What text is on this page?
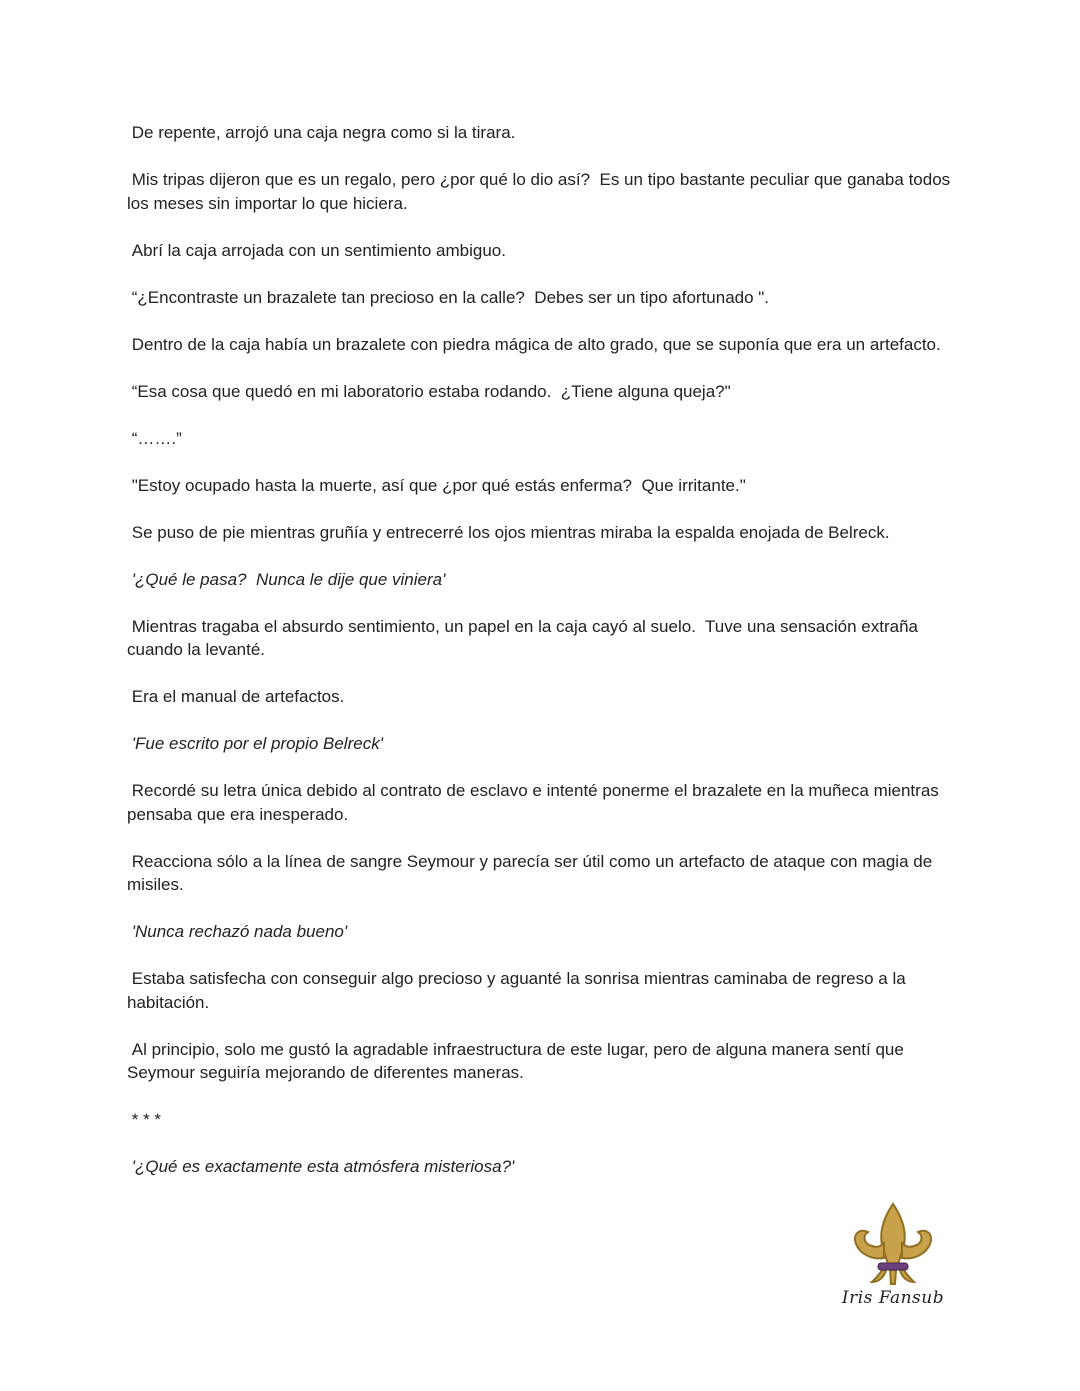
De repente, arrojó una caja negra como si la tirara.

Mis tripas dijeron que es un regalo, pero ¿por qué lo dio así?  Es un tipo bastante peculiar que ganaba todos los meses sin importar lo que hiciera.

Abrí la caja arrojada con un sentimiento ambiguo.

“¿Encontraste un brazalete tan precioso en la calle?  Debes ser un tipo afortunado ".

Dentro de la caja había un brazalete con piedra mágica de alto grado, que se suponía que era un artefacto.

“Esa cosa que quedó en mi laboratorio estaba rodando.  ¿Tiene alguna queja?"

“…….”

"Estoy ocupado hasta la muerte, así que ¿por qué estás enferma?  Que irritante."

Se puso de pie mientras gruñía y entrecerré los ojos mientras miraba la espalda enojada de Belreck.

'¿Qué le pasa?  Nunca le dije que viniera'

Mientras tragaba el absurdo sentimiento, un papel en la caja cayó al suelo.  Tuve una sensación extraña cuando la levanté.

Era el manual de artefactos.

'Fue escrito por el propio Belreck'

Recordé su letra única debido al contrato de esclavo e intenté ponerme el brazalete en la muñeca mientras pensaba que era inesperado.

Reacciona sólo a la línea de sangre Seymour y parecía ser útil como un artefacto de ataque con magia de misiles.

'Nunca rechazó nada bueno'

Estaba satisfecha con conseguir algo precioso y aguanté la sonrisa mientras caminaba de regreso a la habitación.

Al principio, solo me gustó la agradable infraestructura de este lugar, pero de alguna manera sentí que Seymour seguiría mejorando de diferentes maneras.

* * *

'¿Qué es exactamente esta atmósfera misteriosa?'

Iris Fansub
